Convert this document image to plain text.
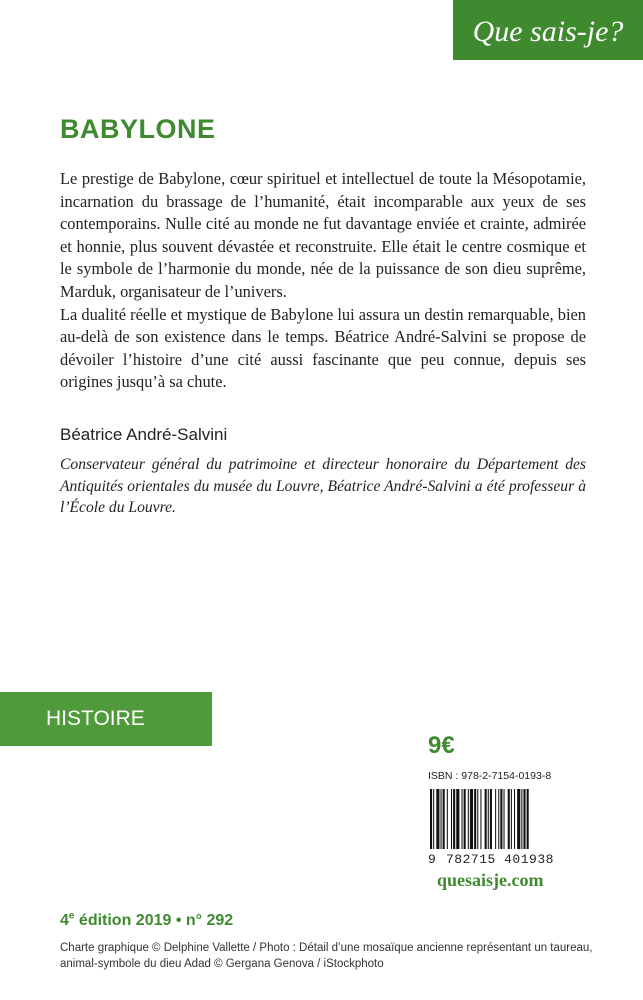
Que sais-je?
BABYLONE

Le prestige de Babylone, cœur spirituel et intellectuel de toute la Mésopotamie, incarnation du brassage de l’humanité, était incomparable aux yeux de ses contemporains. Nulle cité au monde ne fut davantage enviée et crainte, admirée et honnie, plus souvent dévastée et reconstruite. Elle était le centre cosmique et le symbole de l’harmonie du monde, née de la puissance de son dieu suprême, Marduk, organisateur de l’univers.

La dualité réelle et mystique de Babylone lui assura un destin remarquable, bien au-delà de son existence dans le temps. Béatrice André-Salvini se propose de dévoiler l’histoire d’une cité aussi fascinante que peu connue, depuis ses origines jusqu’à sa chute.

Béatrice André-Salvini

Conservateur général du patrimoine et directeur honoraire du Département des Antiquités orientales du musée du Louvre, Béatrice André-Salvini a été professeur à l’École du Louvre.

HISTOIRE
9€
ISBN : 978-2-7154-0193-8
9 782715 401938
quesaisje.com
4e édition 2019 • n° 292

Charte graphique © Delphine Vallette / Photo : Détail d’une mosaïque ancienne représentant un taureau,

animal-symbole du dieu Adad © Gergana Genova / iStockphoto
